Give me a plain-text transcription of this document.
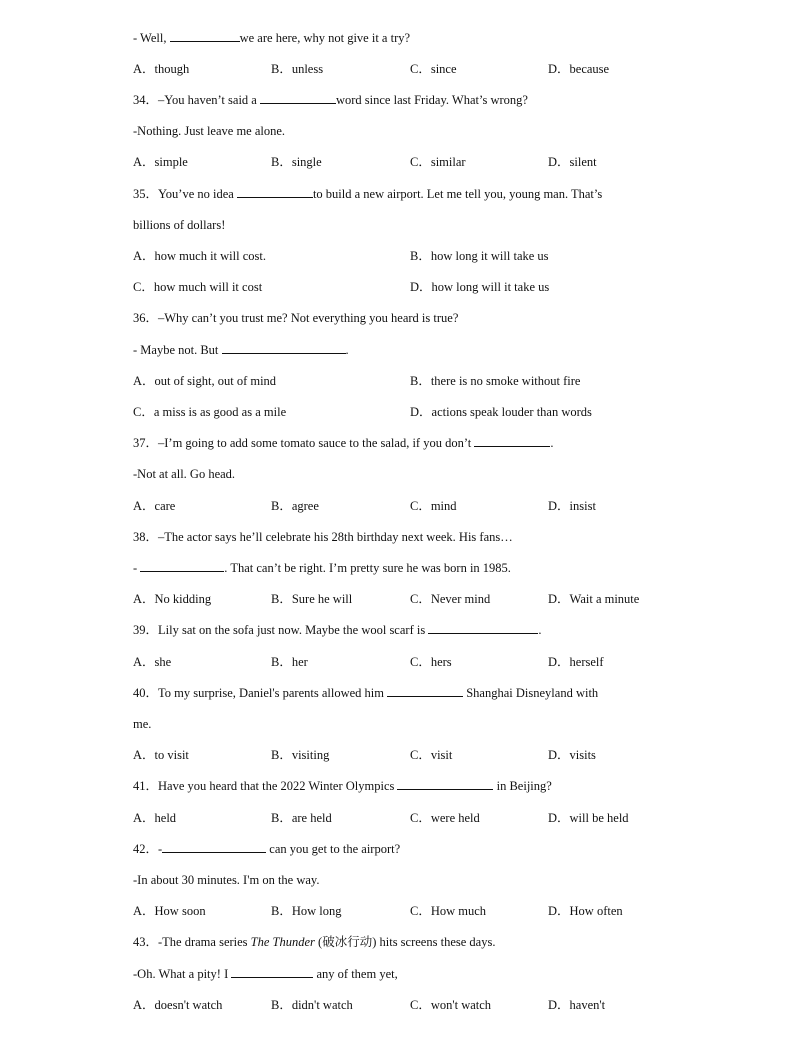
- Well,	we are here, why not give it a try?
A．though	B．unless	C．since	D．because
34．–You haven’t said a	word since last Friday. What’s wrong?
-Nothing. Just leave me alone.
A．simple	B．single	C．similar	D．silent
35．You’ve no idea	to build a new airport. Let me tell you, young man. That’s
billions of dollars!
A．how much it will cost.	B．how long it will take us
C．how much will it cost	D．how long will it take us
36．–Why can’t you trust me? Not everything you heard is true?
- Maybe not. But	.
A．out of sight, out of mind	B．there is no smoke without fire
C．a miss is as good as a mile	D．actions speak louder than words
37．–I’m going to add some tomato sauce to the salad, if you don’t	.
-Not at all. Go head.
A．care	B．agree	C．mind	D．insist
38．–The actor says he’ll celebrate his 28th birthday next week. His fans…
-	. That can’t be right. I’m pretty sure he was born in 1985.
A．No kidding	B．Sure he will	C．Never mind	D．Wait a minute
39．Lily sat on the sofa just now. Maybe the wool scarf is	.
A．she	B．her	C．hers	D．herself
40．To my surprise, Daniel's parents allowed him	Shanghai Disneyland with
me.
A．to visit	B．visiting	C．visit	D．visits
41．Have you heard that the 2022 Winter Olympics	in Beijing?
A．held	B．are held	C．were held	D．will be held
42．-	can you get to the airport?
-In about 30 minutes. I'm on the way.
A．How soon	B．How long	C．How much	D．How often
43．-The drama series The Thunder (破冰行动) hits screens these days.
-Oh. What a pity! I	any of them yet,
A．doesn't watch	B．didn't watch	C．won't watch	D．haven't
